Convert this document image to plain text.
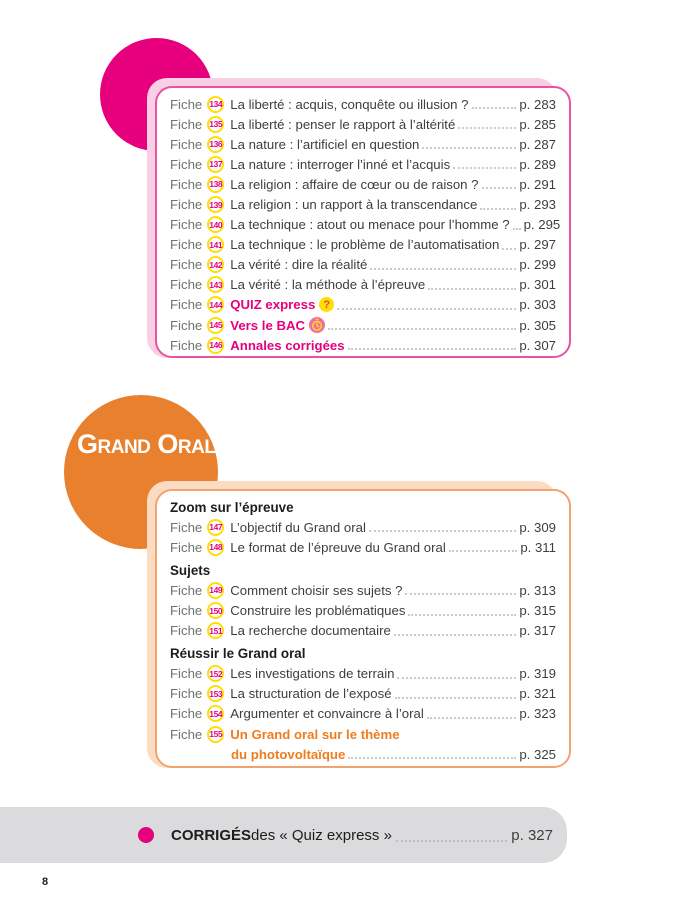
Fiche 134 La liberté : acquis, conquête ou illusion ?	p. 283
Fiche 135 La liberté : penser le rapport à l’altérité	p. 285
Fiche 136 La nature : l’artificiel en question	p. 287
Fiche 137 La nature : interroger l’inné et l’acquis	p. 289
Fiche 138 La religion : affaire de cœur ou de raison ?	p. 291
Fiche 139 La religion : un rapport à la transcendance	p. 293
Fiche 140 La technique : atout ou menace pour l’homme ? p. 295
Fiche 141 La technique : le problème de l’automatisation p. 297
Fiche 142 La vérité : dire la réalité	p. 299
Fiche 143 La vérité : la méthode à l’épreuve	p. 301
Fiche 144 QUIZ express ?	p. 303
Fiche 145 Vers le BAC	p. 305
Fiche 146 Annales corrigées	p. 307
Grand Oral
Zoom sur l’épreuve
Fiche 147 L’objectif du Grand oral	p. 309
Fiche 148 Le format de l’épreuve du Grand oral	p. 311
Sujets
Fiche 149 Comment choisir ses sujets ?	p. 313
Fiche 150 Construire les problématiques	p. 315
Fiche 151 La recherche documentaire	p. 317
Réussir le Grand oral
Fiche 152 Les investigations de terrain	p. 319
Fiche 153 La structuration de l’exposé	p. 321
Fiche 154 Argumenter et convaincre à l’oral	p. 323
Fiche 155 Un Grand oral sur le thème
du photovoltaïque	p. 325
CORRIGÉS des « Quiz express »	p. 327
8
